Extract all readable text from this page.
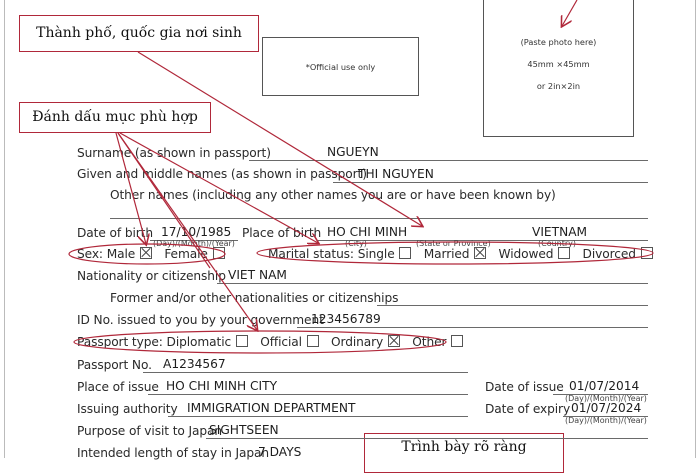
*Official use only
(Paste photo here)
45mm ×45mm
or 2in×2in
Thành phố, quốc gia nơi sinh
Đánh dấu mục phù hợp
Trình bày rõ ràng
Surname (as shown in passport)	NGUEYN
Given and middle names (as shown in passport)
THI NGUYEN
Other names (including any other names you are or have been known by)
Date of birth 17/10/1985
(Day)/(Month)/(Year)
Place of birth HO CHI MINH	VIETNAM
(City)	(State or Province)	(Country)
Sex: Male Female	Marital status: Single Married Widowed Divorced
Nationality or citizenship VIET NAM
Former and/or other nationalities or citizenships
ID No. issued to you by your government
123456789
Passport type: Diplomatic Official Ordinary Other
Passport No. A1234567
Place of issue HO CHI MINH CITY	Date of issue 01/07/2014
(Day)/(Month)/(Year)
Issuing authority IMMIGRATION DEPARTMENT	Date of expiry 01/07/2024
(Day)/(Month)/(Year)
Purpose of visit to Japan
SIGHTSEEN
Intended length of stay in Japan
7 DAYS
